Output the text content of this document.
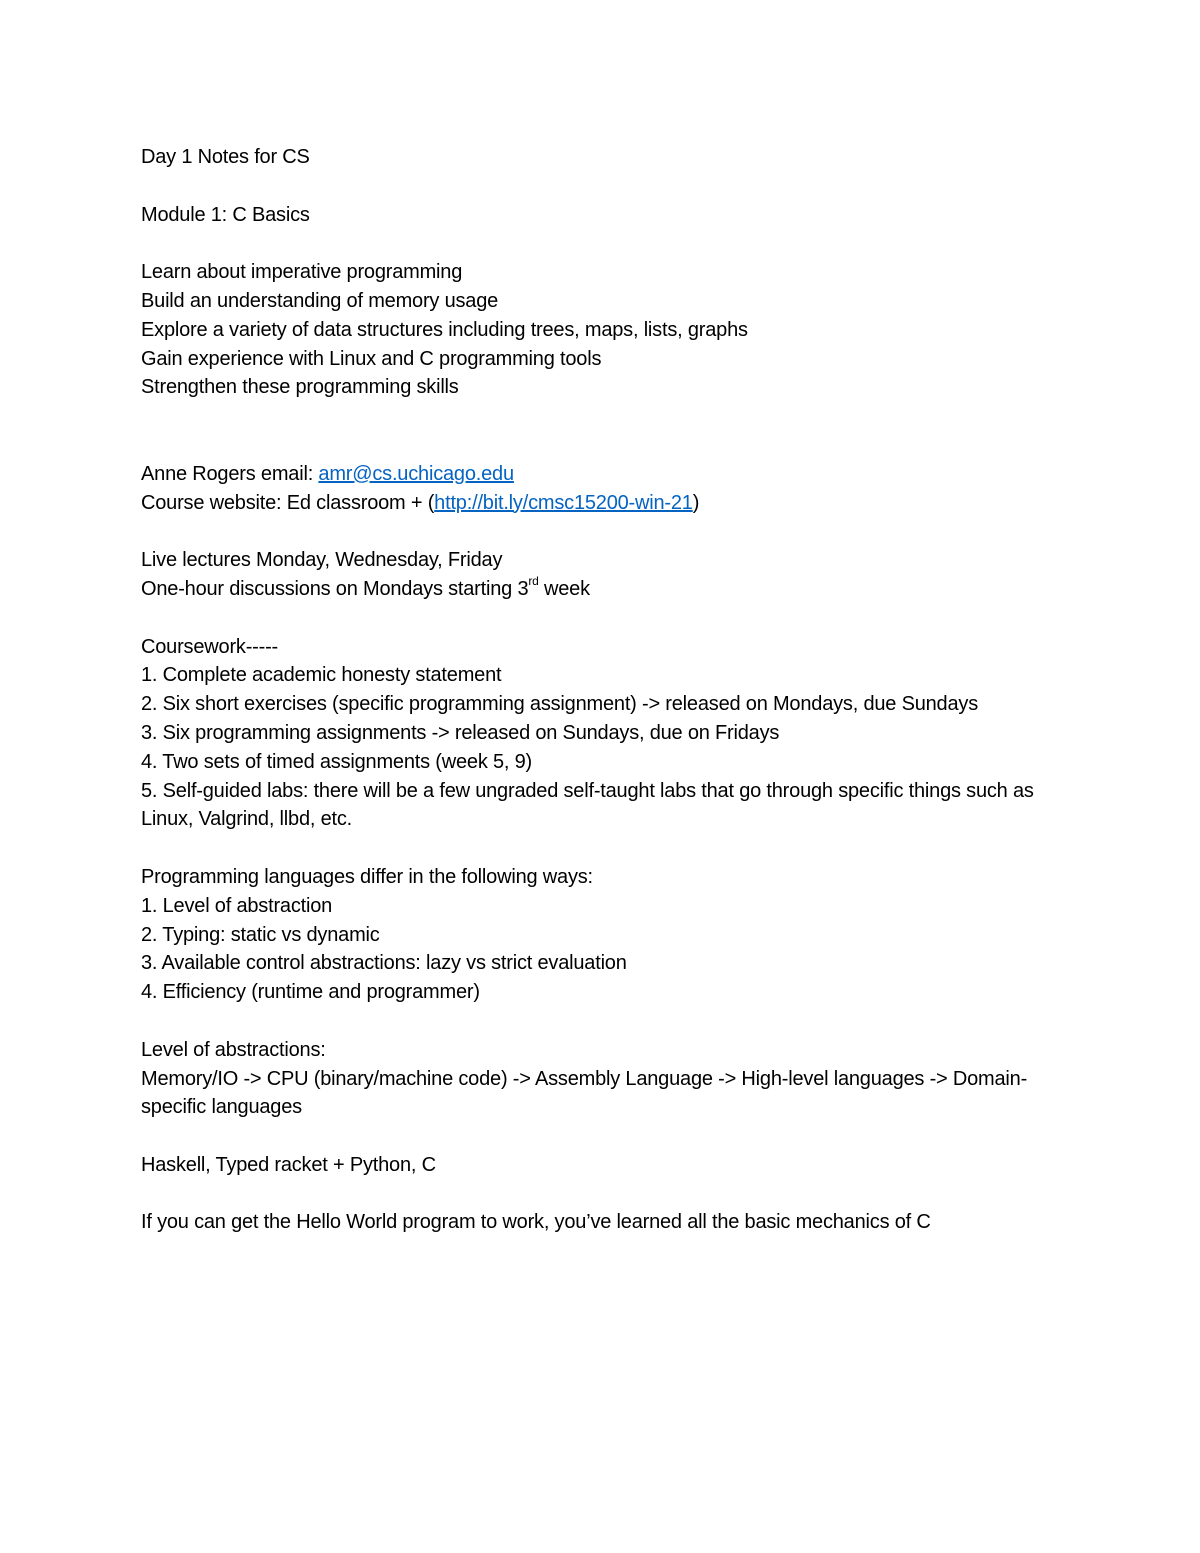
Day 1 Notes for CS
Module 1: C Basics
Learn about imperative programming
Build an understanding of memory usage
Explore a variety of data structures including trees, maps, lists, graphs
Gain experience with Linux and C programming tools
Strengthen these programming skills
Anne Rogers email: amr@cs.uchicago.edu
Course website: Ed classroom + (http://bit.ly/cmsc15200-win-21)
Live lectures Monday, Wednesday, Friday
One-hour discussions on Mondays starting 3rd week
Coursework-----
1. Complete academic honesty statement
2. Six short exercises (specific programming assignment) -> released on Mondays, due Sundays
3. Six programming assignments -> released on Sundays, due on Fridays
4. Two sets of timed assignments (week 5, 9)
5. Self-guided labs: there will be a few ungraded self-taught labs that go through specific things such as Linux, Valgrind, llbd, etc.
Programming languages differ in the following ways:
1. Level of abstraction
2. Typing: static vs dynamic
3. Available control abstractions: lazy vs strict evaluation
4. Efficiency (runtime and programmer)
Level of abstractions:
Memory/IO -> CPU (binary/machine code) -> Assembly Language -> High-level languages -> Domain-specific languages
Haskell, Typed racket + Python, C
If you can get the Hello World program to work, you’ve learned all the basic mechanics of C
